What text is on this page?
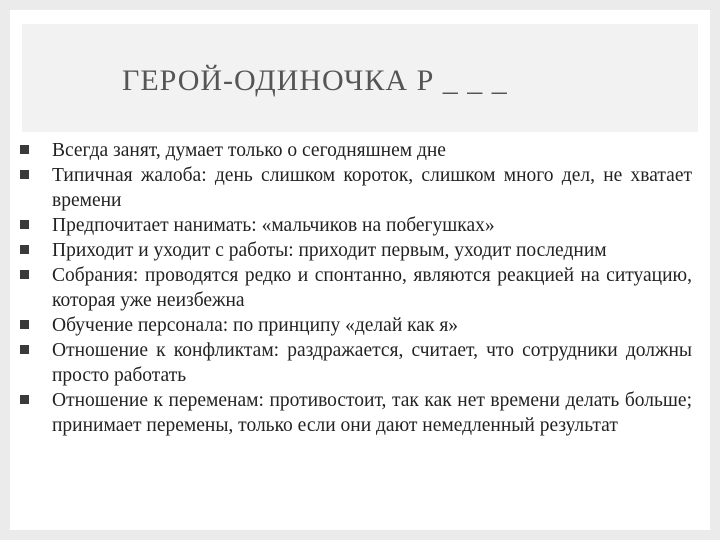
ГЕРОЙ-ОДИНОЧКА Р _ _ _
Всегда занят, думает только о сегодняшнем дне
Типичная жалоба: день слишком короток, слишком много дел, не хватает времени
Предпочитает нанимать: «мальчиков на побегушках»
Приходит и уходит с работы: приходит первым, уходит последним
Собрания: проводятся редко и спонтанно, являются реакцией на ситуацию, которая уже неизбежна
Обучение персонала: по принципу «делай как я»
Отношение к конфликтам: раздражается, считает, что сотрудники должны просто работать
Отношение к переменам: противостоит, так как нет времени делать больше; принимает перемены, только если они дают немедленный результат
